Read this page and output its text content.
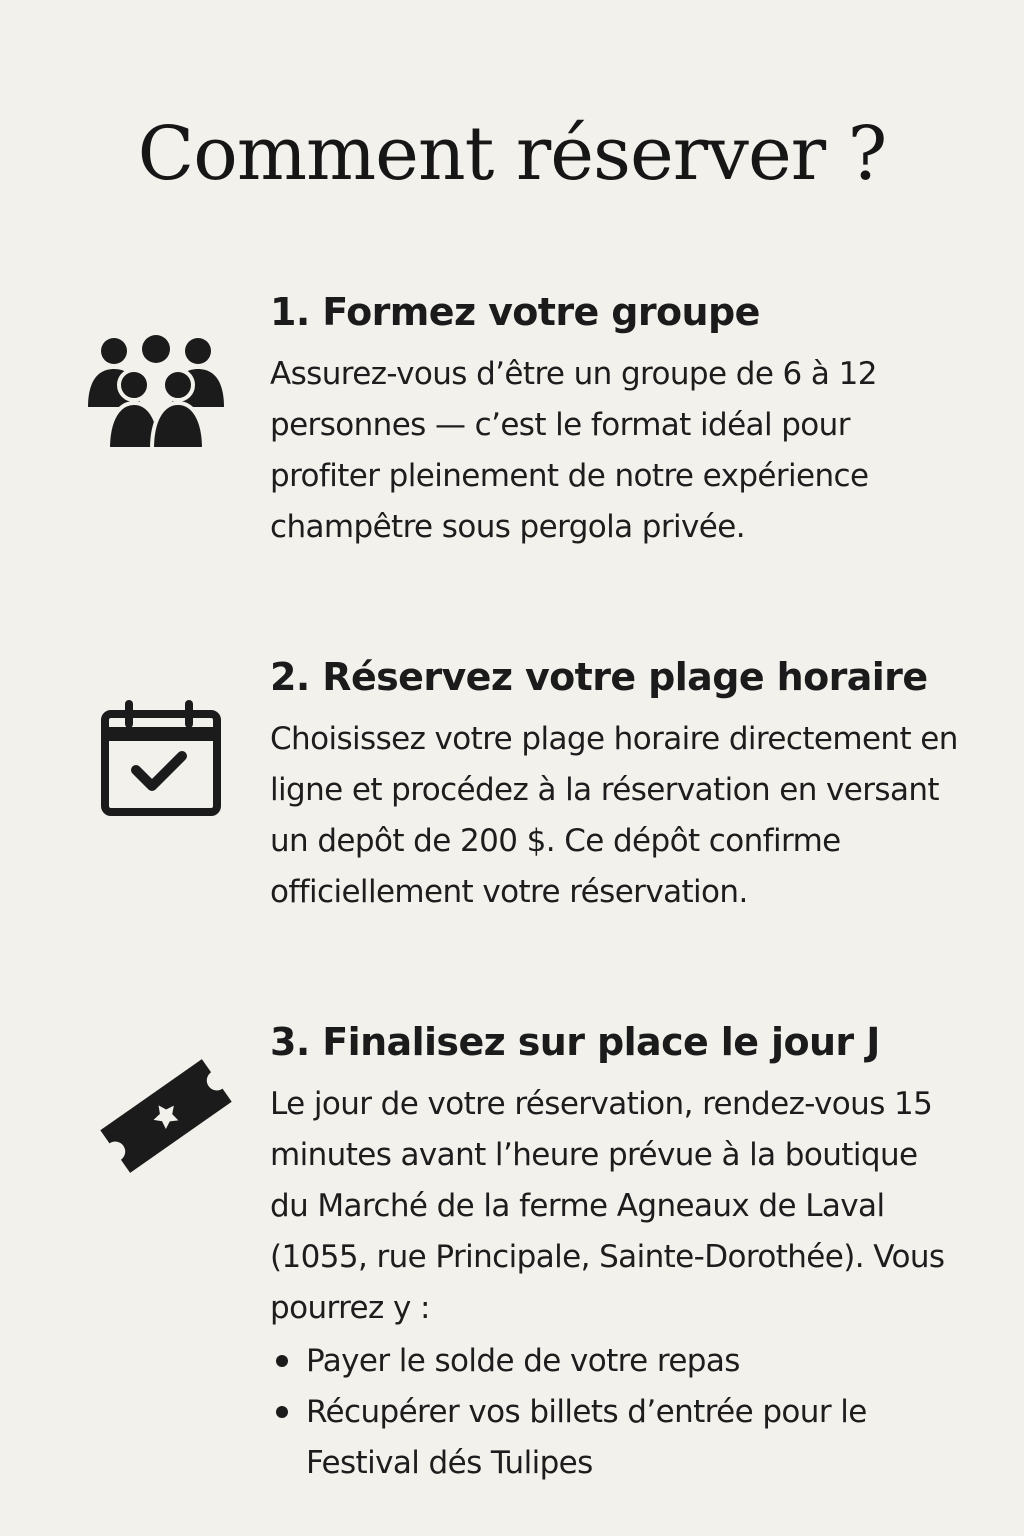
Comment réserver ?
1. Formez votre groupe

Assurez-vous d’être un groupe de 6 à 12 personnes — c’est le format idéal pour profiter pleinement de notre expérience champêtre sous pergola privée.

2. Réservez votre plage horaire

Choisissez votre plage horaire directement en ligne et procédez à la réservation en versant un depôt de 200 $. Ce dépôt confirme officiellement votre réservation.

3. Finalisez sur place le jour J

Le jour de votre réservation, rendez-vous 15 minutes avant l’heure prévue à la boutique du Marché de la ferme Agneaux de Laval (1055, rue Principale, Sainte-Dorothée). Vous pourrez y :

Payer le solde de votre repas
Récupérer vos billets d’entrée pour le Festival dés Tulipes
